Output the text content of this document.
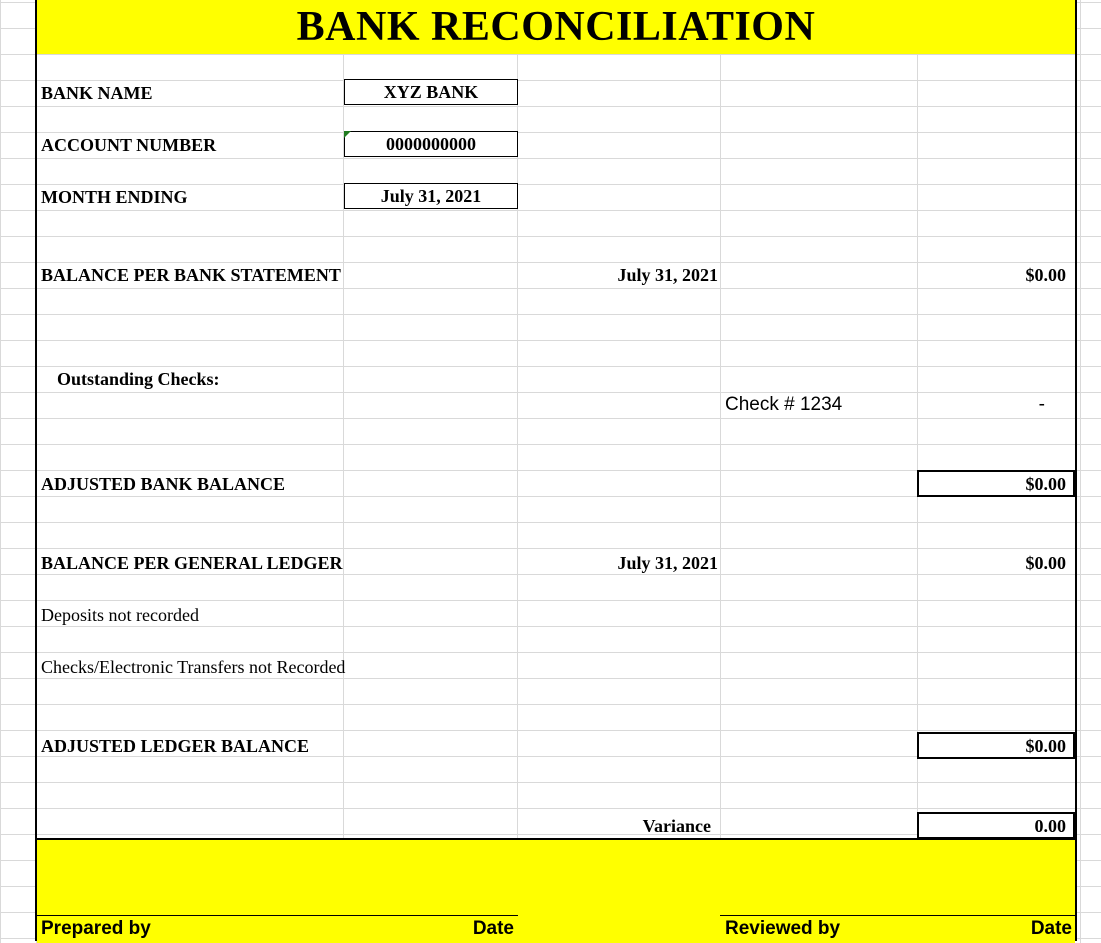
BANK RECONCILIATION
BANK NAME	XYZ BANK
ACCOUNT NUMBER	0000000000
MONTH ENDING	July 31, 2021
BALANCE PER BANK STATEMENT	July 31, 2021	$0.00
Outstanding Checks:
Check # 1234	-
ADJUSTED BANK BALANCE	$0.00
BALANCE PER GENERAL LEDGER	July 31, 2021	$0.00
Deposits not recorded
Checks/Electronic Transfers not Recorded
ADJUSTED LEDGER BALANCE	$0.00
Variance	0.00
Prepared by	Date	Reviewed by	Date
